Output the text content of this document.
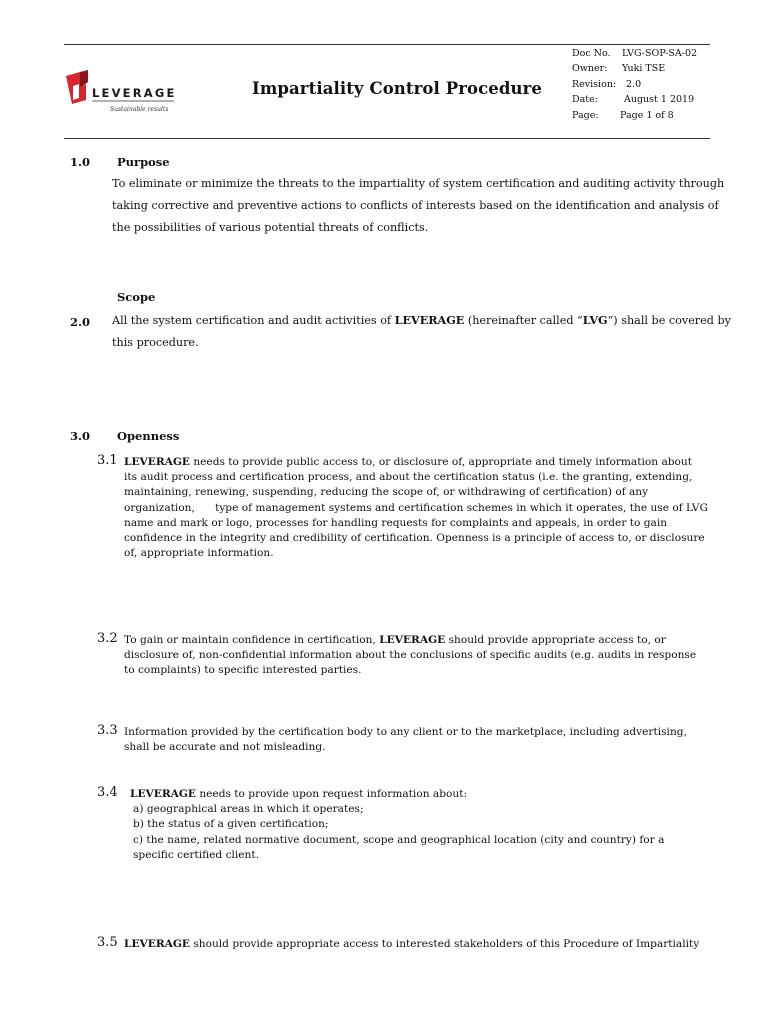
LEVERAGE
Sustainable results
Impartiality Control Procedure
Doc No.	LVG-SOP-SA-02
Owner:	Yuki TSE
Revision:	2.0
Date:	August 1 2019
Page:	Page 1 of 8
1.0 Purpose
To eliminate or minimize the threats to the impartiality of system certification and auditing activity through
taking corrective and preventive actions to conflicts of interests based on the identification and analysis of
the possibilities of various potential threats of conflicts.
Scope
2.0 All the system certification and audit activities of LEVERAGE (hereinafter called “LVG”) shall be covered by
this procedure.
3.0 Openness
3.1 LEVERAGE needs to provide public access to, or disclosure of, appropriate and timely information about
its audit process and certification process, and about the certification status (i.e. the granting, extending,
maintaining, renewing, suspending, reducing the scope of, or withdrawing of certification) of any
organization,      type of management systems and certification schemes in which it operates, the use of LVG
name and mark or logo, processes for handling requests for complaints and appeals, in order to gain
confidence in the integrity and credibility of certification. Openness is a principle of access to, or disclosure
of, appropriate information.
3.2 To gain or maintain confidence in certification, LEVERAGE should provide appropriate access to, or
disclosure of, non-confidential information about the conclusions of specific audits (e.g. audits in response
to complaints) to specific interested parties.
3.3 Information provided by the certification body to any client or to the marketplace, including advertising,
shall be accurate and not misleading.
3.4 LEVERAGE needs to provide upon request information about:
a) geographical areas in which it operates;
b) the status of a given certification;
c) the name, related normative document, scope and geographical location (city and country) for a
specific certified client.
3.5 LEVERAGE should provide appropriate access to interested stakeholders of this Procedure of Impartiality
